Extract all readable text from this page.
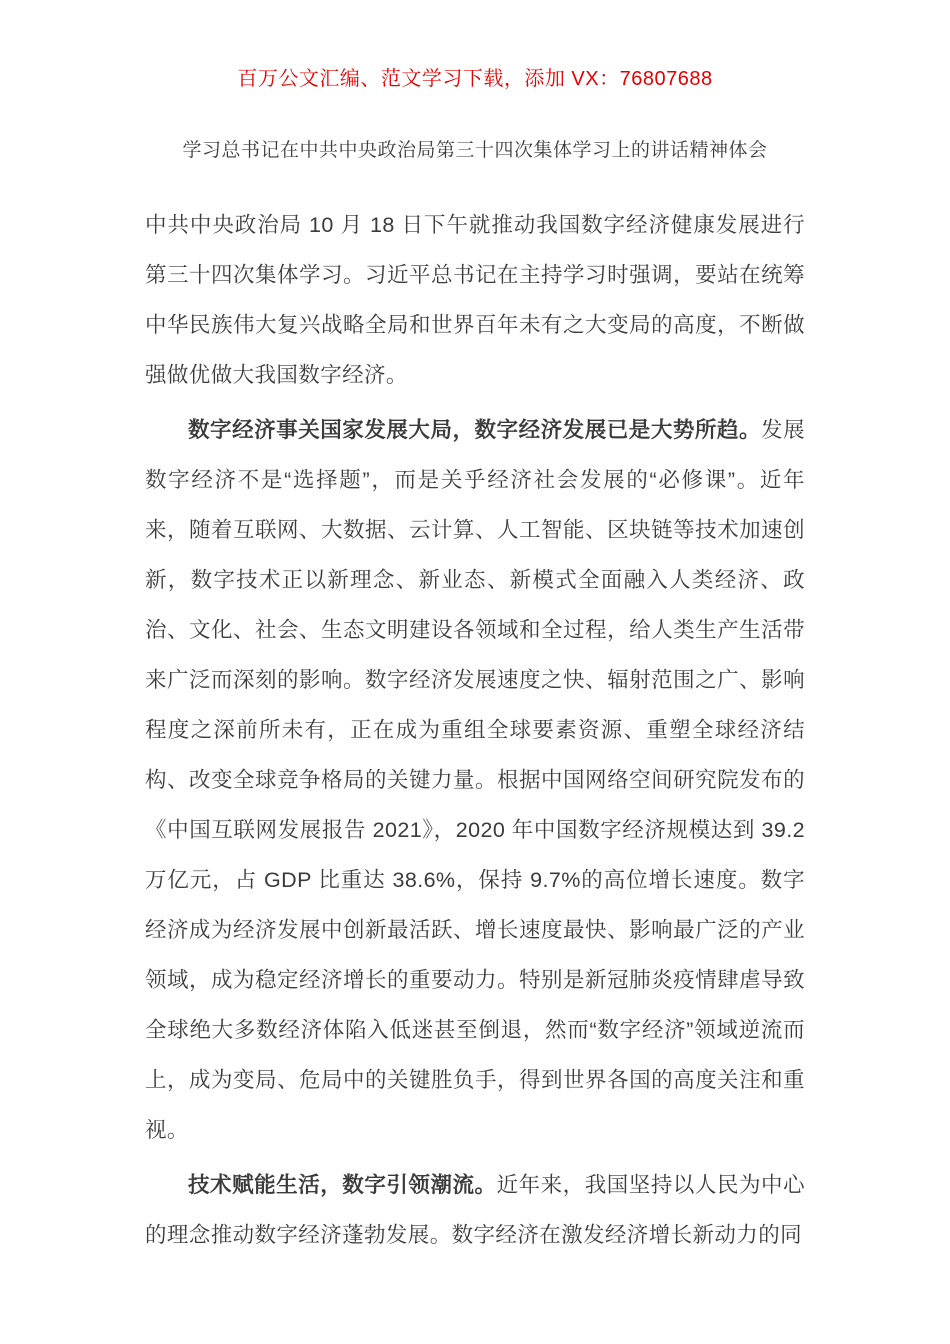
百万公文汇编、范文学习下载，添加 VX：76807688
学习总书记在中共中央政治局第三十四次集体学习上的讲话精神体会

中共中央政治局 10 月 18 日下午就推动我国数字经济健康发展进行第三十四次集体学习。习近平总书记在主持学习时强调，要站在统筹中华民族伟大复兴战略全局和世界百年未有之大变局的高度，不断做强做优做大我国数字经济。

数字经济事关国家发展大局，数字经济发展已是大势所趋。发展数字经济不是“选择题”，而是关乎经济社会发展的“必修课”。近年来，随着互联网、大数据、云计算、人工智能、区块链等技术加速创新，数字技术正以新理念、新业态、新模式全面融入人类经济、政治、文化、社会、生态文明建设各领域和全过程，给人类生产生活带来广泛而深刻的影响。数字经济发展速度之快、辐射范围之广、影响程度之深前所未有，正在成为重组全球要素资源、重塑全球经济结构、改变全球竞争格局的关键力量。根据中国网络空间研究院发布的《中国互联网发展报告 2021》，2020 年中国数字经济规模达到 39.2 万亿元，占 GDP 比重达 38.6%，保持 9.7%的高位增长速度。数字经济成为经济发展中创新最活跃、增长速度最快、影响最广泛的产业领域，成为稳定经济增长的重要动力。特别是新冠肺炎疫情肆虐导致全球绝大多数经济体陷入低迷甚至倒退，然而“数字经济”领域逆流而上，成为变局、危局中的关键胜负手，得到世界各国的高度关注和重视。

技术赋能生活，数字引领潮流。近年来，我国坚持以人民为中心的理念推动数字经济蓬勃发展。数字经济在激发经济增长新动力的同
